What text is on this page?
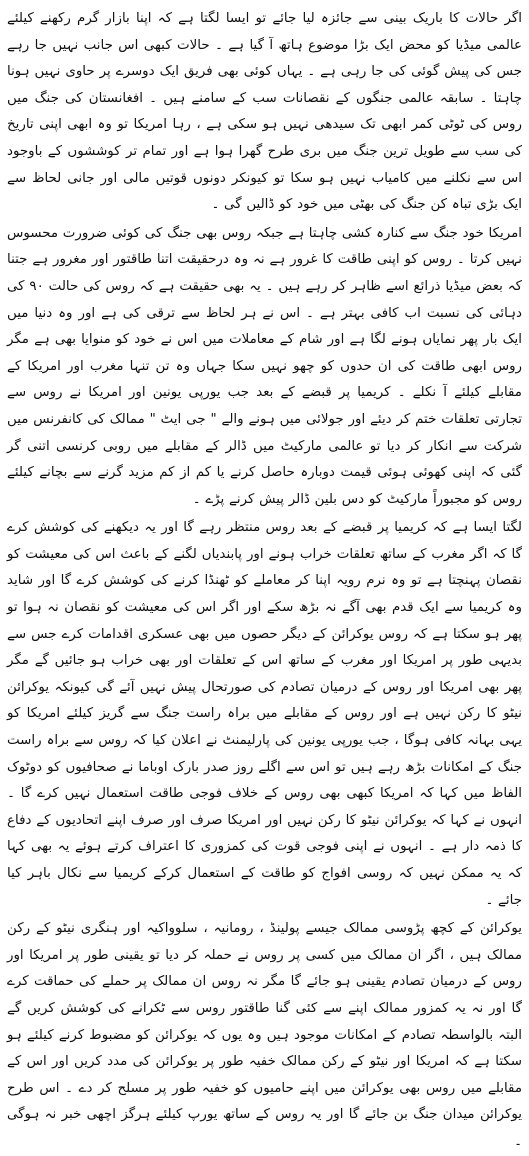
اگر حالات کا باریک بینی سے جائزہ لیا جائے تو ایسا لگتا ہے کہ اپنا بازار گرم رکھنے کیلئے عالمی میڈیا کو محض ایک بڑا موضوع ہاتھ آ گیا ہے ۔ حالات کبھی اس جانب نہیں جا رہے جس کی پیش گوئی کی جا رہی ہے ۔ یہاں کوئی بھی فریق ایک دوسرے پر حاوی نہیں ہونا چاہتا ۔ سابقہ عالمی جنگوں کے نقصانات سب کے سامنے ہیں ۔ افغانستان کی جنگ میں روس کی ٹوٹی کمر ابھی تک سیدھی نہیں ہو سکی ہے ، رہا امریکا تو وہ ابھی اپنی تاریخ کی سب سے طویل ترین جنگ میں بری طرح گھرا ہوا ہے اور تمام تر کوششوں کے باوجود اس سے نکلنے میں کامیاب نہیں ہو سکا تو کیونکر دونوں قوتیں مالی اور جانی لحاظ سے ایک بڑی تباہ کن جنگ کی بھٹی میں خود کو ڈالیں گی ۔

امریکا خود جنگ سے کنارہ کشی چاہتا ہے جبکہ روس بھی جنگ کی کوئی ضرورت محسوس نہیں کرتا ۔ روس کو اپنی طاقت کا غرور ہے نہ وہ درحقیقت اتنا طاقتور اور مغرور ہے جتنا کہ بعض میڈیا ذرائع اسے ظاہر کر رہے ہیں ۔ یہ بھی حقیقت ہے کہ روس کی حالت ۹۰ کی دہائی کی نسبت اب کافی بہتر ہے ۔ اس نے ہر لحاظ سے ترقی کی ہے اور وہ دنیا میں ایک بار پھر نمایاں ہونے لگا ہے اور شام کے معاملات میں اس نے خود کو منوایا بھی ہے مگر روس ابھی طاقت کی ان حدوں کو چھو نہیں سکا جہاں وہ تن تنہا مغرب اور امریکا کے مقابلے کیلئے آ نکلے ۔ کریمیا پر قبضے کے بعد جب یورپی یونین اور امریکا نے روس سے تجارتی تعلقات ختم کر دیئے اور جولائی میں ہونے والے " جی ایٹ " ممالک کی کانفرنس میں شرکت سے انکار کر دیا تو عالمی مارکیٹ میں ڈالر کے مقابلے میں روبی کرنسی اتنی گر گئی کہ اپنی کھوئی ہوئی قیمت دوبارہ حاصل کرنے یا کم از کم مزید گرنے سے بچانے کیلئے روس کو مجبوراً مارکیٹ کو دس بلین ڈالر پیش کرنے پڑے ۔

لگتا ایسا ہے کہ کریمیا پر قبضے کے بعد روس منتظر رہے گا اور یہ دیکھنے کی کوشش کرے گا کہ اگر مغرب کے ساتھ تعلقات خراب ہونے اور پابندیاں لگنے کے باعث اس کی معیشت کو نقصان پہنچتا ہے تو وہ نرم رویہ اپنا کر معاملے کو ٹھنڈا کرنے کی کوشش کرے گا اور شاید وہ کریمیا سے ایک قدم بھی آگے نہ بڑھ سکے اور اگر اس کی معیشت کو نقصان نہ ہوا تو پھر ہو سکتا ہے کہ روس یوکرائن کے دیگر حصوں میں بھی عسکری اقدامات کرے جس سے بدیہی طور پر امریکا اور مغرب کے ساتھ اس کے تعلقات اور بھی خراب ہو جائیں گے مگر پھر بھی امریکا اور روس کے درمیان تصادم کی صورتحال پیش نہیں آئے گی کیونکہ یوکرائن نیٹو کا رکن نہیں ہے اور روس کے مقابلے میں براہ راست جنگ سے گریز کیلئے امریکا کو یہی بہانہ کافی ہوگا ، جب یورپی یونین کی پارلیمنٹ نے اعلان کیا کہ روس سے براہ راست جنگ کے امکانات بڑھ رہے ہیں تو اس سے اگلے روز صدر بارک اوباما نے صحافیوں کو دوٹوک الفاظ میں کہا کہ امریکا کبھی بھی روس کے خلاف فوجی طاقت استعمال نہیں کرے گا ۔ انہوں نے کہا کہ یوکرائن نیٹو کا رکن نہیں اور امریکا صرف اور صرف اپنے اتحادیوں کے دفاع کا ذمہ دار ہے ۔ انہوں نے اپنی فوجی قوت کی کمزوری کا اعتراف کرتے ہوئے یہ بھی کہا کہ یہ ممکن نہیں کہ روسی افواج کو طاقت کے استعمال کرکے کریمیا سے نکال باہر کیا جائے ۔

یوکرائن کے کچھ پڑوسی ممالک جیسے پولینڈ ، رومانیہ ، سلوواکیہ اور ہنگری نیٹو کے رکن ممالک ہیں ، اگر ان ممالک میں کسی پر روس نے حملہ کر دیا تو یقینی طور پر امریکا اور روس کے درمیان تصادم یقینی ہو جائے گا مگر نہ روس ان ممالک پر حملے کی حماقت کرے گا اور نہ یہ کمزور ممالک اپنے سے کئی گنا طاقتور روس سے ٹکرانے کی کوشش کریں گے البتہ بالواسطہ تصادم کے امکانات موجود ہیں وہ یوں کہ یوکرائن کو مضبوط کرنے کیلئے ہو سکتا ہے کہ امریکا اور نیٹو کے رکن ممالک خفیہ طور پر یوکرائن کی مدد کریں اور اس کے مقابلے میں روس بھی یوکرائن میں اپنے حامیوں کو خفیہ طور پر مسلح کر دے ۔ اس طرح یوکرائن میدان جنگ بن جائے گا اور یہ روس کے ساتھ یورپ کیلئے ہرگز اچھی خبر نہ ہوگی ۔
